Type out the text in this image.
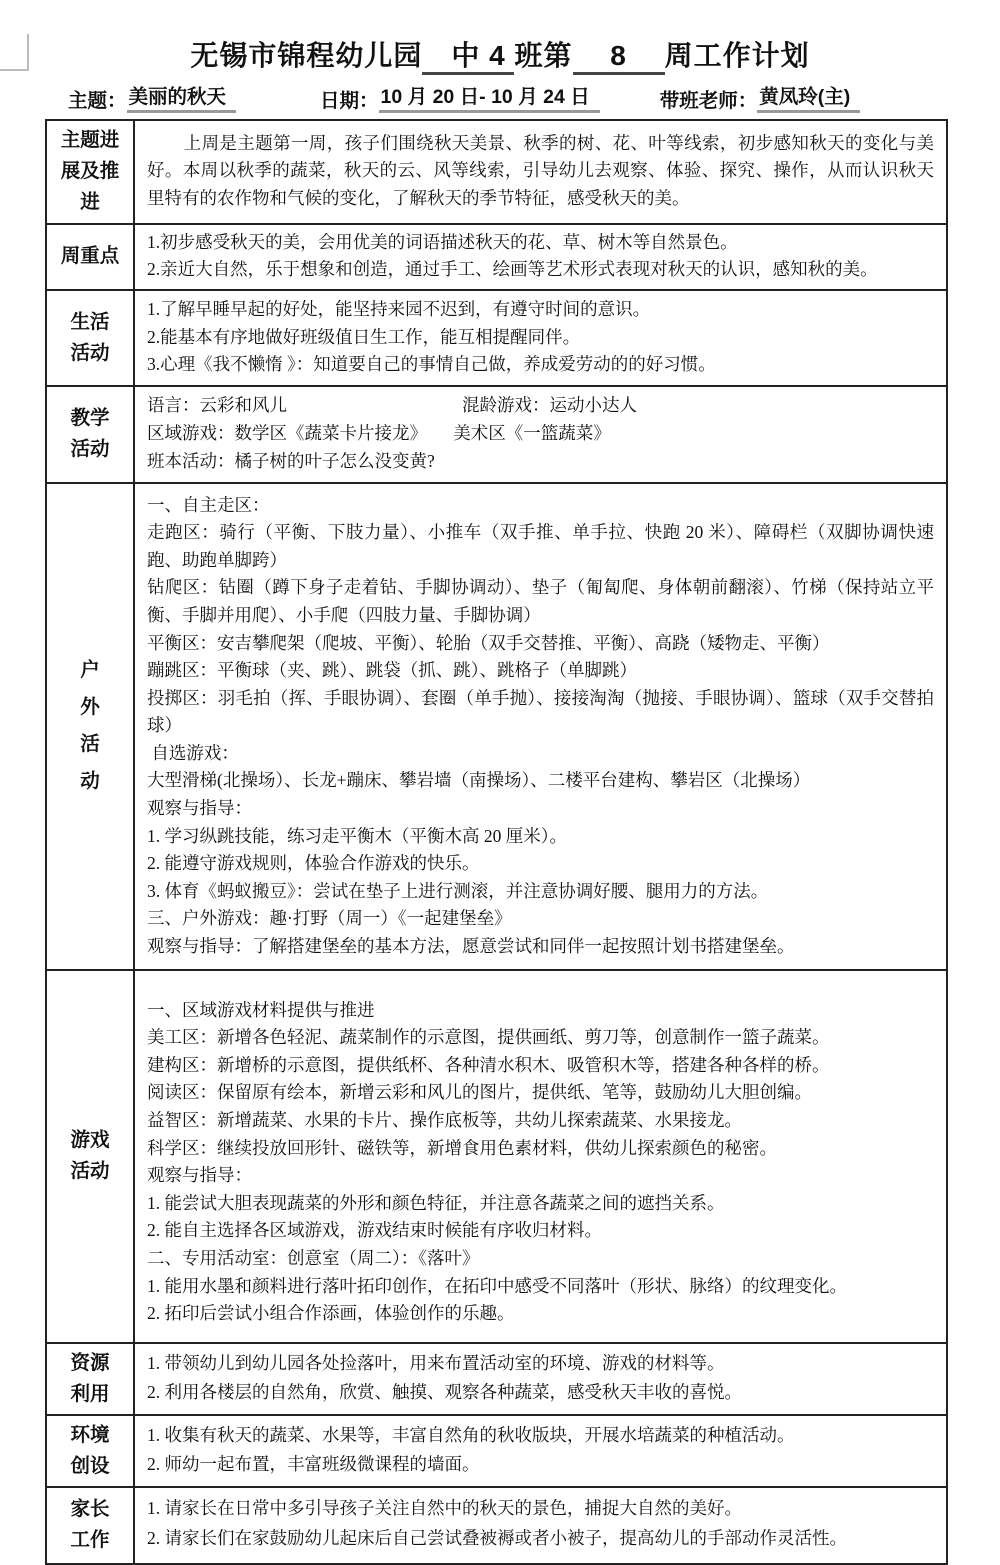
无锡市锦程幼儿园　中 4 班第　 8 　周工作计划
主题： 美丽的秋天	日期： 10 月 20 日- 10 月 24 日	带班老师： 黄凤玲(主)
主题进
展及推
进
上周是主题第一周，孩子们围绕秋天美景、秋季的树、花、叶等线索，初步感知秋天的变化与美好。本周以秋季的蔬菜，秋天的云、风等线索，引导幼儿去观察、体验、探究、操作，从而认识秋天里特有的农作物和气候的变化，了解秋天的季节特征，感受秋天的美。
周重点
1.初步感受秋天的美，会用优美的词语描述秋天的花、草、树木等自然景色。
2.亲近大自然，乐于想象和创造，通过手工、绘画等艺术形式表现对秋天的认识，感知秋的美。
生活
活动
1.了解早睡早起的好处，能坚持来园不迟到，有遵守时间的意识。
2.能基本有序地做好班级值日生工作，能互相提醒同伴。
3.心理《我不懒惰 》：知道要自己的事情自己做，养成爱劳动的的好习惯。
教学
活动
语言：云彩和风儿　　　　　　　　　　混龄游戏：运动小达人
区域游戏：数学区《蔬菜卡片接龙》　　美术区《一篮蔬菜》
班本活动：橘子树的叶子怎么没变黄?
户
外
活
动
一、自主走区：
走跑区：骑行（平衡、下肢力量）、小推车（双手推、单手拉、快跑 20 米）、障碍栏（双脚协调快速跑、助跑单脚跨）
钻爬区：钻圈（蹲下身子走着钻、手脚协调动）、垫子（匍匐爬、身体朝前翻滚）、竹梯（保持站立平衡、手脚并用爬）、小手爬（四肢力量、手脚协调）
平衡区：安吉攀爬架（爬坡、平衡）、轮胎（双手交替推、平衡）、高跷（矮物走、平衡）
蹦跳区：平衡球（夹、跳）、跳袋（抓、跳）、跳格子（单脚跳）
投掷区：羽毛拍（挥、手眼协调）、套圈（单手抛）、接接淘淘（抛接、手眼协调）、篮球（双手交替拍球）
自选游戏：
大型滑梯(北操场）、长龙+蹦床、攀岩墙（南操场）、二楼平台建构、攀岩区（北操场）
观察与指导：
1. 学习纵跳技能，练习走平衡木（平衡木高 20 厘米）。
2. 能遵守游戏规则，体验合作游戏的快乐。
3. 体育《蚂蚁搬豆》：尝试在垫子上进行测滚，并注意协调好腰、腿用力的方法。
三、户外游戏：趣·打野（周一）《一起建堡垒》
观察与指导：了解搭建堡垒的基本方法，愿意尝试和同伴一起按照计划书搭建堡垒。
游戏
活动
一、区域游戏材料提供与推进
美工区：新增各色轻泥、蔬菜制作的示意图，提供画纸、剪刀等，创意制作一篮子蔬菜。
建构区：新增桥的示意图，提供纸杯、各种清水积木、吸管积木等，搭建各种各样的桥。
阅读区：保留原有绘本，新增云彩和风儿的图片，提供纸、笔等，鼓励幼儿大胆创编。
益智区：新增蔬菜、水果的卡片、操作底板等，共幼儿探索蔬菜、水果接龙。
科学区：继续投放回形针、磁铁等，新增食用色素材料，供幼儿探索颜色的秘密。
观察与指导：
1. 能尝试大胆表现蔬菜的外形和颜色特征，并注意各蔬菜之间的遮挡关系。
2. 能自主选择各区域游戏，游戏结束时候能有序收归材料。
二、专用活动室：创意室（周二）：《落叶》
1. 能用水墨和颜料进行落叶拓印创作，在拓印中感受不同落叶（形状、脉络）的纹理变化。
2. 拓印后尝试小组合作添画，体验创作的乐趣。
资源
利用
1. 带领幼儿到幼儿园各处捡落叶，用来布置活动室的环境、游戏的材料等。
2. 利用各楼层的自然角，欣赏、触摸、观察各种蔬菜，感受秋天丰收的喜悦。
环境
创设
1. 收集有秋天的蔬菜、水果等，丰富自然角的秋收版块，开展水培蔬菜的种植活动。
2. 师幼一起布置，丰富班级微课程的墙面。
家长
工作
1. 请家长在日常中多引导孩子关注自然中的秋天的景色，捕捉大自然的美好。
2. 请家长们在家鼓励幼儿起床后自己尝试叠被褥或者小被子，提高幼儿的手部动作灵活性。
